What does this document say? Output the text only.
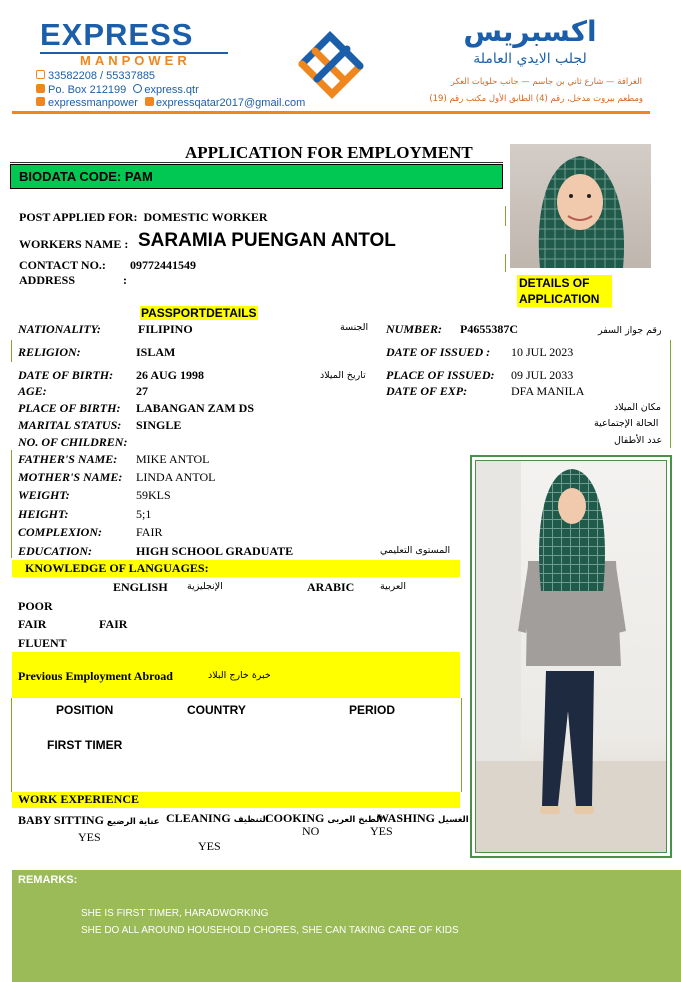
EXPRESS
MANPOWER
33582208 / 55337885
Po. Box 212199 express.qtr
expressmanpower expressqatar2017@gmail.com
اكسبريس
لجلب الايدي العاملة
الغرافة — شارع ثاني بن جاسم — جانب حلويات العكر
ومطعم بيروت مدخل، رقم (4) الطابق الأول مكتب رقم (19)
APPLICATION FOR EMPLOYMENT
BIODATA CODE: PAM
POST APPLIED FOR: DOMESTIC WORKER
WORKERS NAME : SARAMIA PUENGAN ANTOL
CONTACT NO.: 09772441549
ADDRESS	:	DETAILS OF APPLICATION
PASSPORTDETAILS
NATIONALITY:	FILIPINO	الجنسة NUMBER: P4655387C	رقم جواز السفر
RELIGION:	ISLAM	DATE OF ISSUED : 10 JUL 2023
DATE OF BIRTH: 26 AUG 1998	تاريخ الميلاد PLACE OF ISSUED: 09 JUL 2033
AGE:	27	DATE OF EXP:	DFA MANILA
PLACE OF BIRTH: LABANGAN ZAM DS	مكان الميلاد
MARITAL STATUS: SINGLE	الحالة الإجتماعية
NO. OF CHILDREN:	عدد الأطفال
FATHER'S NAME: MIKE ANTOL
MOTHER'S NAME: LINDA ANTOL
WEIGHT:	59KLS
HEIGHT:	5;1
COMPLEXION:	FAIR
EDUCATION:	HIGH SCHOOL GRADUATE	المستوى التعليمي
KNOWLEDGE OF LANGUAGES:
ENGLISH الإنجليزية	ARABIC	العربية
POOR
FAIR	FAIR
FLUENT
Previous Employment Abroad	خبرة خارج البلاد
POSITION	COUNTRY	PERIOD
FIRST TIMER
WORK EXPERIENCE
BABY SITTING عناية الرضيع
YES
CLEANING التنظيف
YES
COOKING الطبخ العربى
NO
WASHING الغسيل
YES
REMARKS:
SHE IS FIRST TIMER, HARADWORKING
SHE DO ALL AROUND HOUSEHOLD CHORES, SHE CAN TAKING CARE OF KIDS
